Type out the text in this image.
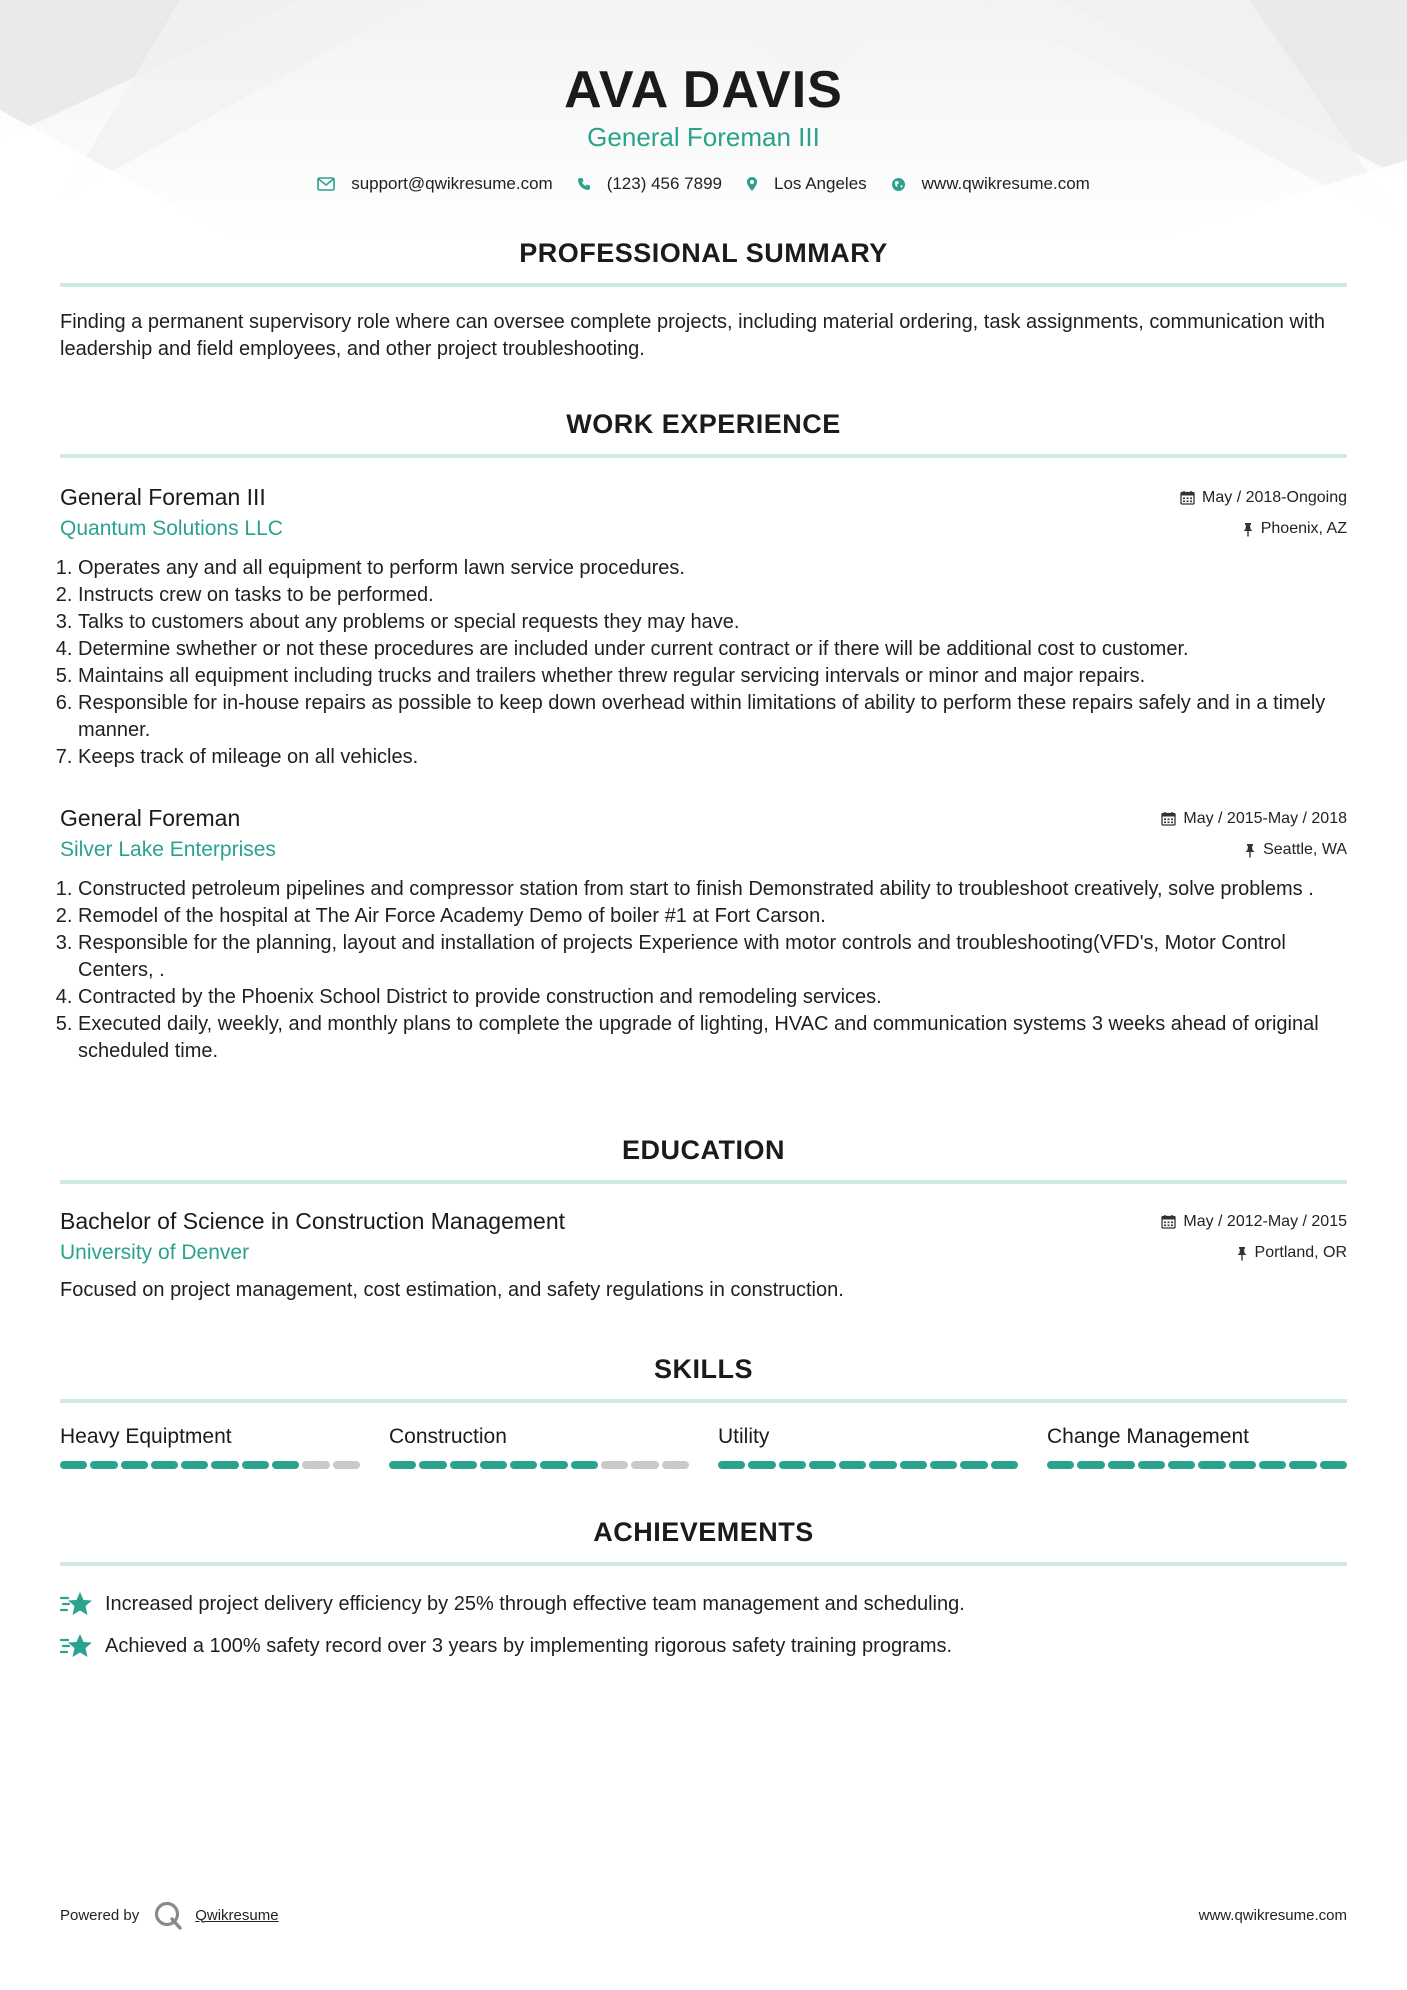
AVA DAVIS
General Foreman III
support@qwikresume.com	(123) 456 7899	Los Angeles	www.qwikresume.com
PROFESSIONAL SUMMARY
Finding a permanent supervisory role where can oversee complete projects, including material ordering, task assignments, communication with leadership and field employees, and other project troubleshooting.
WORK EXPERIENCE
General Foreman III	May / 2018-Ongoing
Quantum Solutions LLC	Phoenix, AZ
1. Operates any and all equipment to perform lawn service procedures.
2. Instructs crew on tasks to be performed.
3. Talks to customers about any problems or special requests they may have.
4. Determine swhether or not these procedures are included under current contract or if there will be additional cost to customer.
5. Maintains all equipment including trucks and trailers whether threw regular servicing intervals or minor and major repairs.
6. Responsible for in-house repairs as possible to keep down overhead within limitations of ability to perform these repairs safely and in a timely manner.
7. Keeps track of mileage on all vehicles.
General Foreman	May / 2015-May / 2018
Silver Lake Enterprises	Seattle, WA
1. Constructed petroleum pipelines and compressor station from start to finish Demonstrated ability to troubleshoot creatively, solve problems .
2. Remodel of the hospital at The Air Force Academy Demo of boiler #1 at Fort Carson.
3. Responsible for the planning, layout and installation of projects Experience with motor controls and troubleshooting(VFD's, Motor Control Centers, .
4. Contracted by the Phoenix School District to provide construction and remodeling services.
5. Executed daily, weekly, and monthly plans to complete the upgrade of lighting, HVAC and communication systems 3 weeks ahead of original scheduled time.
EDUCATION
Bachelor of Science in Construction Management	May / 2012-May / 2015
University of Denver	Portland, OR
Focused on project management, cost estimation, and safety regulations in construction.
SKILLS
Heavy Equiptment	Construction	Utility	Change Management
ACHIEVEMENTS
Increased project delivery efficiency by 25% through effective team management and scheduling.
Achieved a 100% safety record over 3 years by implementing rigorous safety training programs.
Powered by	Qwikresume	www.qwikresume.com
